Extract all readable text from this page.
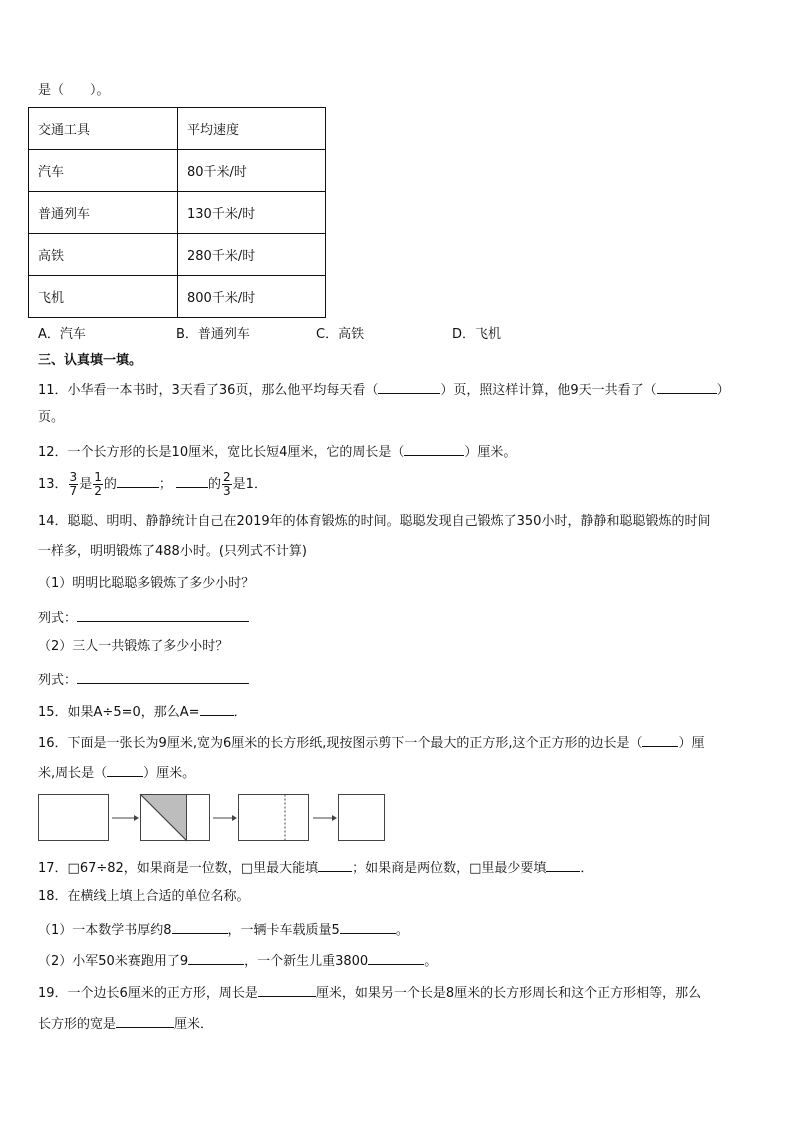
是（　　）。
交通工具	平均速度
汽车	80千米/时
普通列车	130千米/时
高铁	280千米/时
飞机	800千米/时
A．汽车	B．普通列车	C．高铁	D．飞机
三、认真填一填。
11．小华看一本书时，3天看了36页，那么他平均每天看（	）页，照这样计算，他9天一共看了（	）
页。
12．一个长方形的长是10厘米，宽比长短4厘米，它的周长是（	）厘米。
13． $\frac{3}{7}$ 是 $\frac{1}{2}$ 的	；	的 $\frac{2}{3}$ 是1．
14．聪聪、明明、静静统计自己在2019年的体育锻炼的时间。聪聪发现自己锻炼了350小时，静静和聪聪锻炼的时间
一样多，明明锻炼了488小时。(只列式不计算)
（1）明明比聪聪多锻炼了多少小时？
列式：
（2）三人一共锻炼了多少小时？
列式：
15．如果A÷5=0，那么A=	．
16．下面是一张长为9厘米,宽为6厘米的长方形纸,现按图示剪下一个最大的正方形,这个正方形的边长是（	）厘
米,周长是（	）厘米。
17．□67÷82，如果商是一位数，□里最大能填	；如果商是两位数，□里最少要填	．
18．在横线上填上合适的单位名称。
（1）一本数学书厚约8	，一辆卡车载质量5	。
（2）小军50米赛跑用了9	，一个新生儿重3800	。
19．一个边长6厘米的正方形，周长是	厘米，如果另一个长是8厘米的长方形周长和这个正方形相等，那么
长方形的宽是	厘米．
